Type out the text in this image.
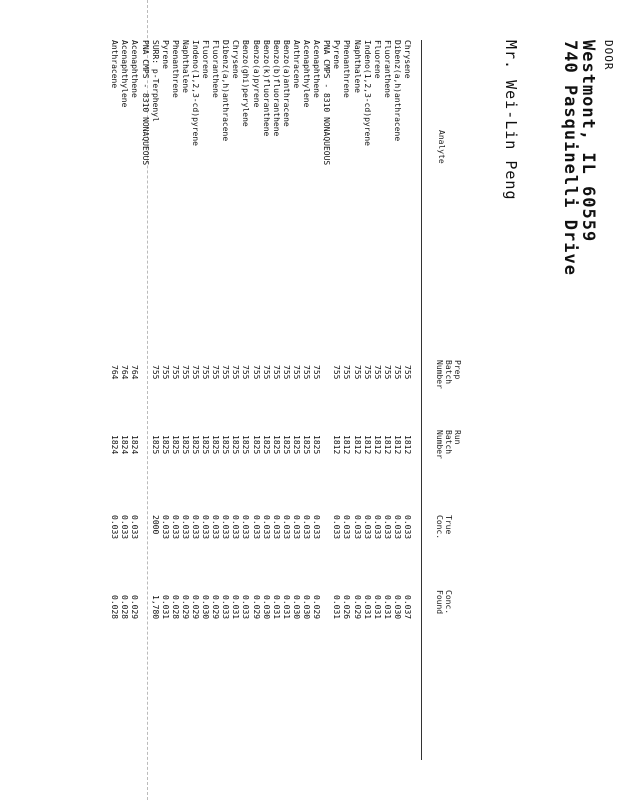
DOOR
740 Pasquinelli Drive
Westmont, IL 60559
Mr. Wei-Lin Peng
Analyte
Prep
Batch
Number
Run
Batch
Number
True
Conc.
Conc.
Found
Chrysene
755
1812
0.033
0.037
Dibenz(a,h)anthracene
755
1812
0.033
0.030
Fluoranthene
755
1812
0.033
0.031
Fluorene
755
1812
0.033
0.031
Indeno(1,2,3-cd)pyrene
755
1812
0.033
0.031
Naphthalene
755
1812
0.033
0.029
Phenanthrene
755
1812
0.033
0.026
Pyrene
755
1812
0.033
0.031
PNA CMPS - 8310 NONAQUEOUS
Acenaphthene
755
1825
0.033
0.029
Acenaphthylene
755
1825
0.033
0.030
Anthracene
755
1825
0.033
0.030
Benzo(a)anthracene
755
1825
0.033
0.031
Benzo(b)fluoranthene
755
1825
0.033
0.031
Benzo(k)fluoranthene
755
1825
0.033
0.030
Benzo(a)pyrene
755
1825
0.033
0.029
Benzo(ghi)perylene
755
1825
0.033
0.033
Chrysene
755
1825
0.033
0.031
Dibenz(a,h)anthracene
755
1825
0.033
0.033
Fluoranthene
755
1825
0.033
0.029
Fluorene
755
1825
0.033
0.030
Indeno(1,2,3-cd)pyrene
755
1825
0.033
0.029
Naphthalene
755
1825
0.033
0.029
Phenanthrene
755
1825
0.033
0.028
Pyrene
755
1825
0.033
0.031
SURR: p-Terphenyl
755
1825
2000
1,780
PNA CMPS - 8310 NONAQUEOUS
Acenaphthene
764
1824
0.033
0.029
Acenaphthylene
764
1824
0.033
0.028
Anthracene
764
1824
0.033
0.028
